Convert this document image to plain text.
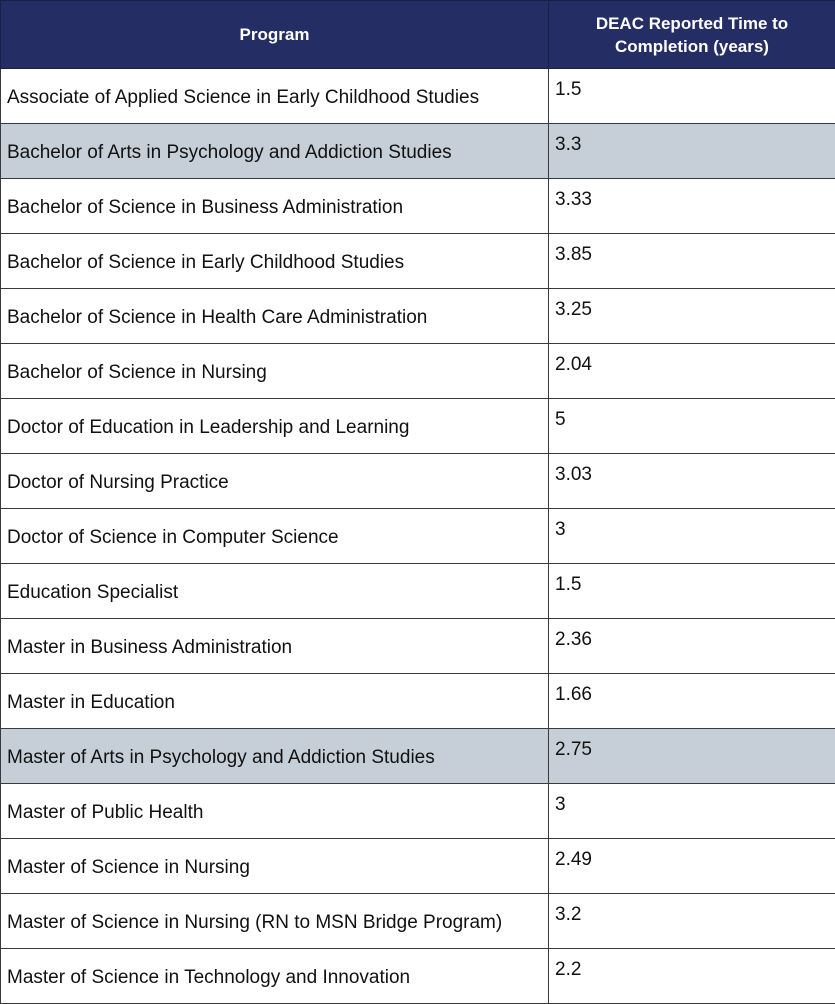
Program	DEAC Reported Time to Completion (years)
Associate of Applied Science in Early Childhood Studies	1.5
Bachelor of Arts in Psychology and Addiction Studies	3.3
Bachelor of Science in Business Administration	3.33
Bachelor of Science in Early Childhood Studies	3.85
Bachelor of Science in Health Care Administration	3.25
Bachelor of Science in Nursing	2.04
Doctor of Education in Leadership and Learning	5
Doctor of Nursing Practice	3.03
Doctor of Science in Computer Science	3
Education Specialist	1.5
Master in Business Administration	2.36
Master in Education	1.66
Master of Arts in Psychology and Addiction Studies	2.75
Master of Public Health	3
Master of Science in Nursing	2.49
Master of Science in Nursing (RN to MSN Bridge Program)	3.2
Master of Science in Technology and Innovation	2.2
